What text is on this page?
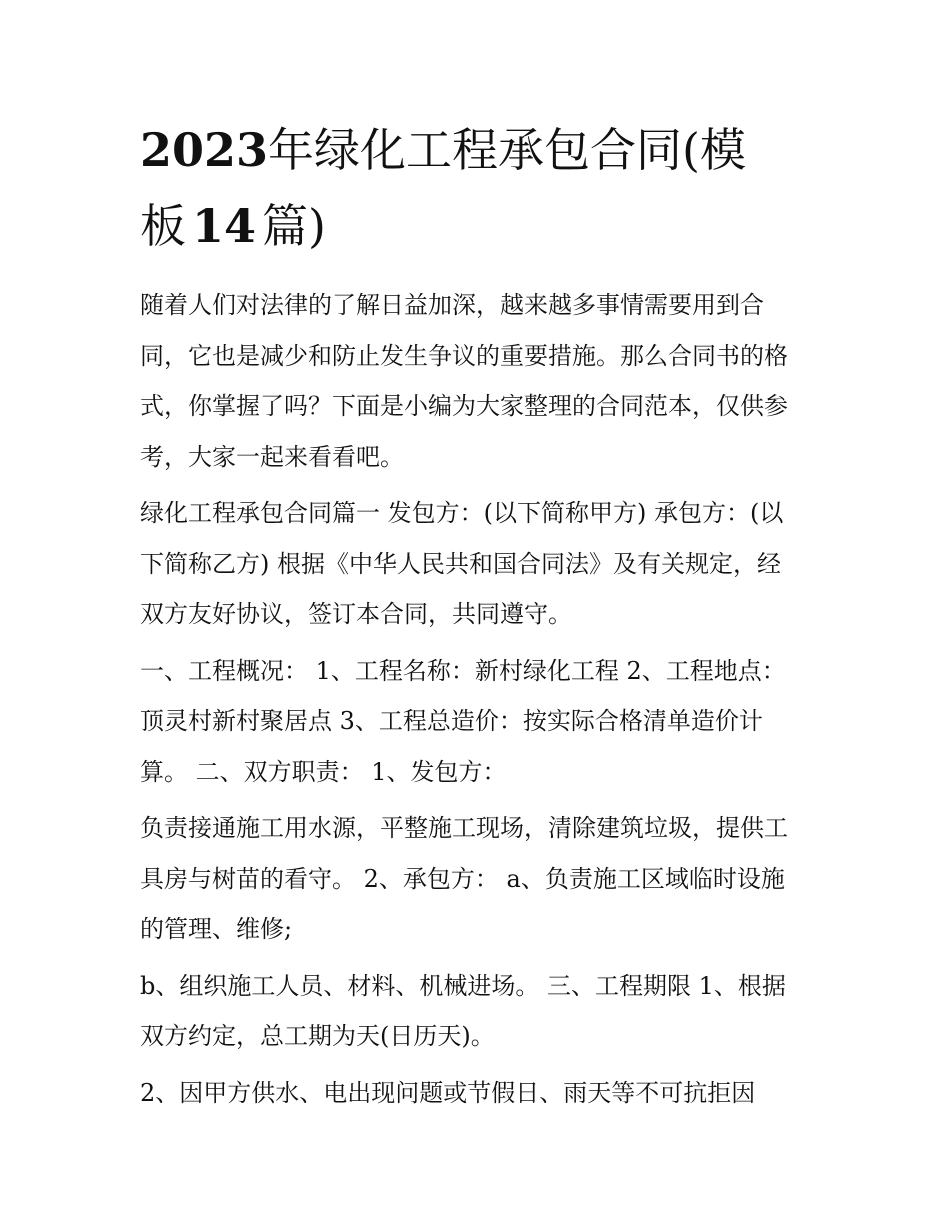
2023年绿化工程承包合同(模
板 14 篇)

随着人们对法律的了解日益加深，越来越多事情需要用到合
同，它也是减少和防止发生争议的重要措施。那么合同书的格
式，你掌握了吗？下面是小编为大家整理的合同范本，仅供参
考，大家一起来看看吧。

绿化工程承包合同篇一 发包方：(以下简称甲方) 承包方：(以
下简称乙方) 根据《中华人民共和国合同法》及有关规定，经
双方友好协议，签订本合同，共同遵守。

一、工程概况： 1、工程名称：新村绿化工程 2、工程地点：
顶灵村新村聚居点 3、工程总造价：按实际合格清单造价计
算。 二、双方职责： 1、发包方：

负责接通施工用水源，平整施工现场，清除建筑垃圾，提供工
具房与树苗的看守。 2、承包方： a、负责施工区域临时设施
的管理、维修;

b、组织施工人员、材料、机械进场。 三、工程期限 1、根据
双方约定，总工期为天(日历天)。

2、因甲方供水、电出现问题或节假日、雨天等不可抗拒因
